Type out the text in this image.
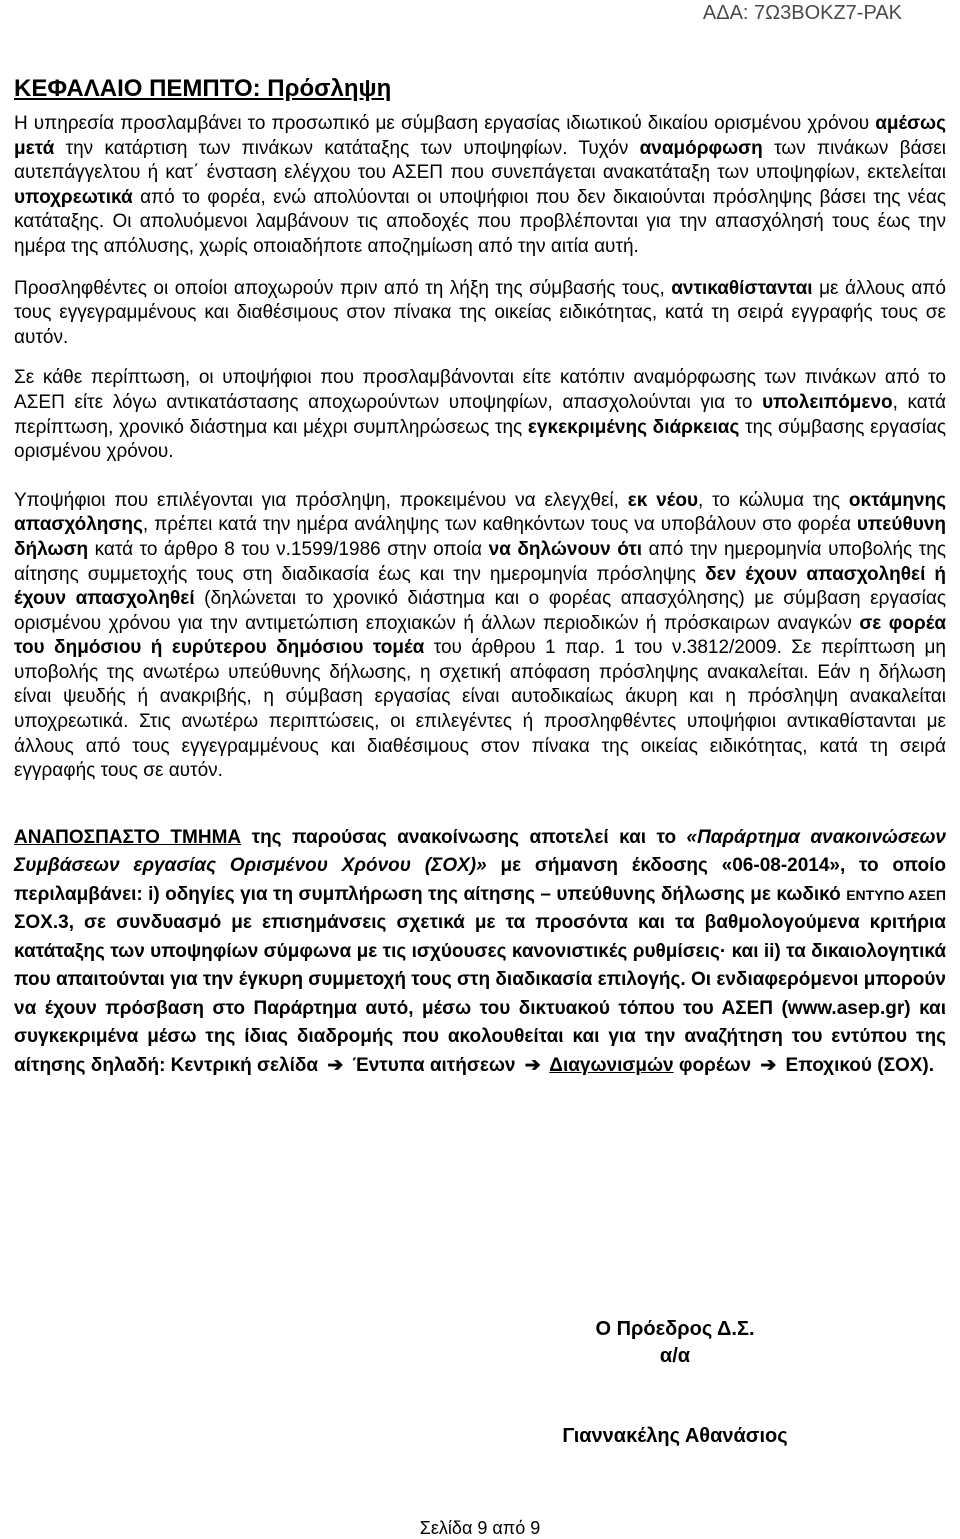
ΑΔΑ: 7Ω3ΒΟΚΖ7-ΡΑΚ
ΚΕΦΑΛΑΙΟ ΠΕΜΠΤΟ: Πρόσληψη

Η υπηρεσία προσλαμβάνει το προσωπικό με σύμβαση εργασίας ιδιωτικού δικαίου ορισμένου χρόνου αμέσως μετά την κατάρτιση των πινάκων κατάταξης των υποψηφίων. Τυχόν αναμόρφωση των πινάκων βάσει αυτεπάγγελτου ή κατ΄ ένσταση ελέγχου του ΑΣΕΠ που συνεπάγεται ανακατάταξη των υποψηφίων, εκτελείται υποχρεωτικά από το φορέα, ενώ απολύονται οι υποψήφιοι που δεν δικαιούνται πρόσληψης βάσει της νέας κατάταξης. Οι απολυόμενοι λαμβάνουν τις αποδοχές που προβλέπονται για την απασχόλησή τους έως την ημέρα της απόλυσης, χωρίς οποιαδήποτε αποζημίωση από την αιτία αυτή.

Προσληφθέντες οι οποίοι αποχωρούν πριν από τη λήξη της σύμβασής τους, αντικαθίστανται με άλλους από τους εγγεγραμμένους και διαθέσιμους στον πίνακα της οικείας ειδικότητας, κατά τη σειρά εγγραφής τους σε αυτόν.

Σε κάθε περίπτωση, οι υποψήφιοι που προσλαμβάνονται είτε κατόπιν αναμόρφωσης των πινάκων από το ΑΣΕΠ είτε λόγω αντικατάστασης αποχωρούντων υποψηφίων, απασχολούνται για το υπολειπόμενο, κατά περίπτωση, χρονικό διάστημα και μέχρι συμπληρώσεως της εγκεκριμένης διάρκειας της σύμβασης εργασίας ορισμένου χρόνου.

Υποψήφιοι που επιλέγονται για πρόσληψη, προκειμένου να ελεγχθεί, εκ νέου, το κώλυμα της οκτάμηνης απασχόλησης, πρέπει κατά την ημέρα ανάληψης των καθηκόντων τους να υποβάλουν στο φορέα υπεύθυνη δήλωση κατά το άρθρο 8 του ν.1599/1986 στην οποία να δηλώνουν ότι από την ημερομηνία υποβολής της αίτησης συμμετοχής τους στη διαδικασία έως και την ημερομηνία πρόσληψης δεν έχουν απασχοληθεί ή έχουν απασχοληθεί (δηλώνεται το χρονικό διάστημα και ο φορέας απασχόλησης) με σύμβαση εργασίας ορισμένου χρόνου για την αντιμετώπιση εποχιακών ή άλλων περιοδικών ή πρόσκαιρων αναγκών σε φορέα του δημόσιου ή ευρύτερου δημόσιου τομέα του άρθρου 1 παρ. 1 του ν.3812/2009. Σε περίπτωση μη υποβολής της ανωτέρω υπεύθυνης δήλωσης, η σχετική απόφαση πρόσληψης ανακαλείται. Εάν η δήλωση είναι ψευδής ή ανακριβής, η σύμβαση εργασίας είναι αυτοδικαίως άκυρη και η πρόσληψη ανακαλείται υποχρεωτικά. Στις ανωτέρω περιπτώσεις, οι επιλεγέντες ή προσληφθέντες υποψήφιοι αντικαθίστανται με άλλους από τους εγγεγραμμένους και διαθέσιμους στον πίνακα της οικείας ειδικότητας, κατά τη σειρά εγγραφής τους σε αυτόν.

ΑΝΑΠΟΣΠΑΣΤΟ ΤΜΗΜΑ της παρούσας ανακοίνωσης αποτελεί και το «Παράρτημα ανακοινώσεων Συμβάσεων εργασίας Ορισμένου Χρόνου (ΣΟΧ)» με σήμανση έκδοσης «06-08-2014», το οποίο περιλαμβάνει: i) οδηγίες για τη συμπλήρωση της αίτησης – υπεύθυνης δήλωσης με κωδικό ΕΝΤΥΠΟ ΑΣΕΠ ΣΟΧ.3, σε συνδυασμό με επισημάνσεις σχετικά με τα προσόντα και τα βαθμολογούμενα κριτήρια κατάταξης των υποψηφίων σύμφωνα με τις ισχύουσες κανονιστικές ρυθμίσεις· και ii) τα δικαιολογητικά που απαιτούνται για την έγκυρη συμμετοχή τους στη διαδικασία επιλογής. Οι ενδιαφερόμενοι μπορούν να έχουν πρόσβαση στο Παράρτημα αυτό, μέσω του δικτυακού τόπου του ΑΣΕΠ (www.asep.gr) και συγκεκριμένα μέσω της ίδιας διαδρομής που ακολουθείται και για την αναζήτηση του εντύπου της αίτησης δηλαδή: Κεντρική σελίδα ➔ Έντυπα αιτήσεων ➔ Διαγωνισμών φορέων ➔ Εποχικού (ΣΟΧ).

Ο Πρόεδρος Δ.Σ.
α/α
Γιαννακέλης Αθανάσιος
Σελίδα 9 από 9
